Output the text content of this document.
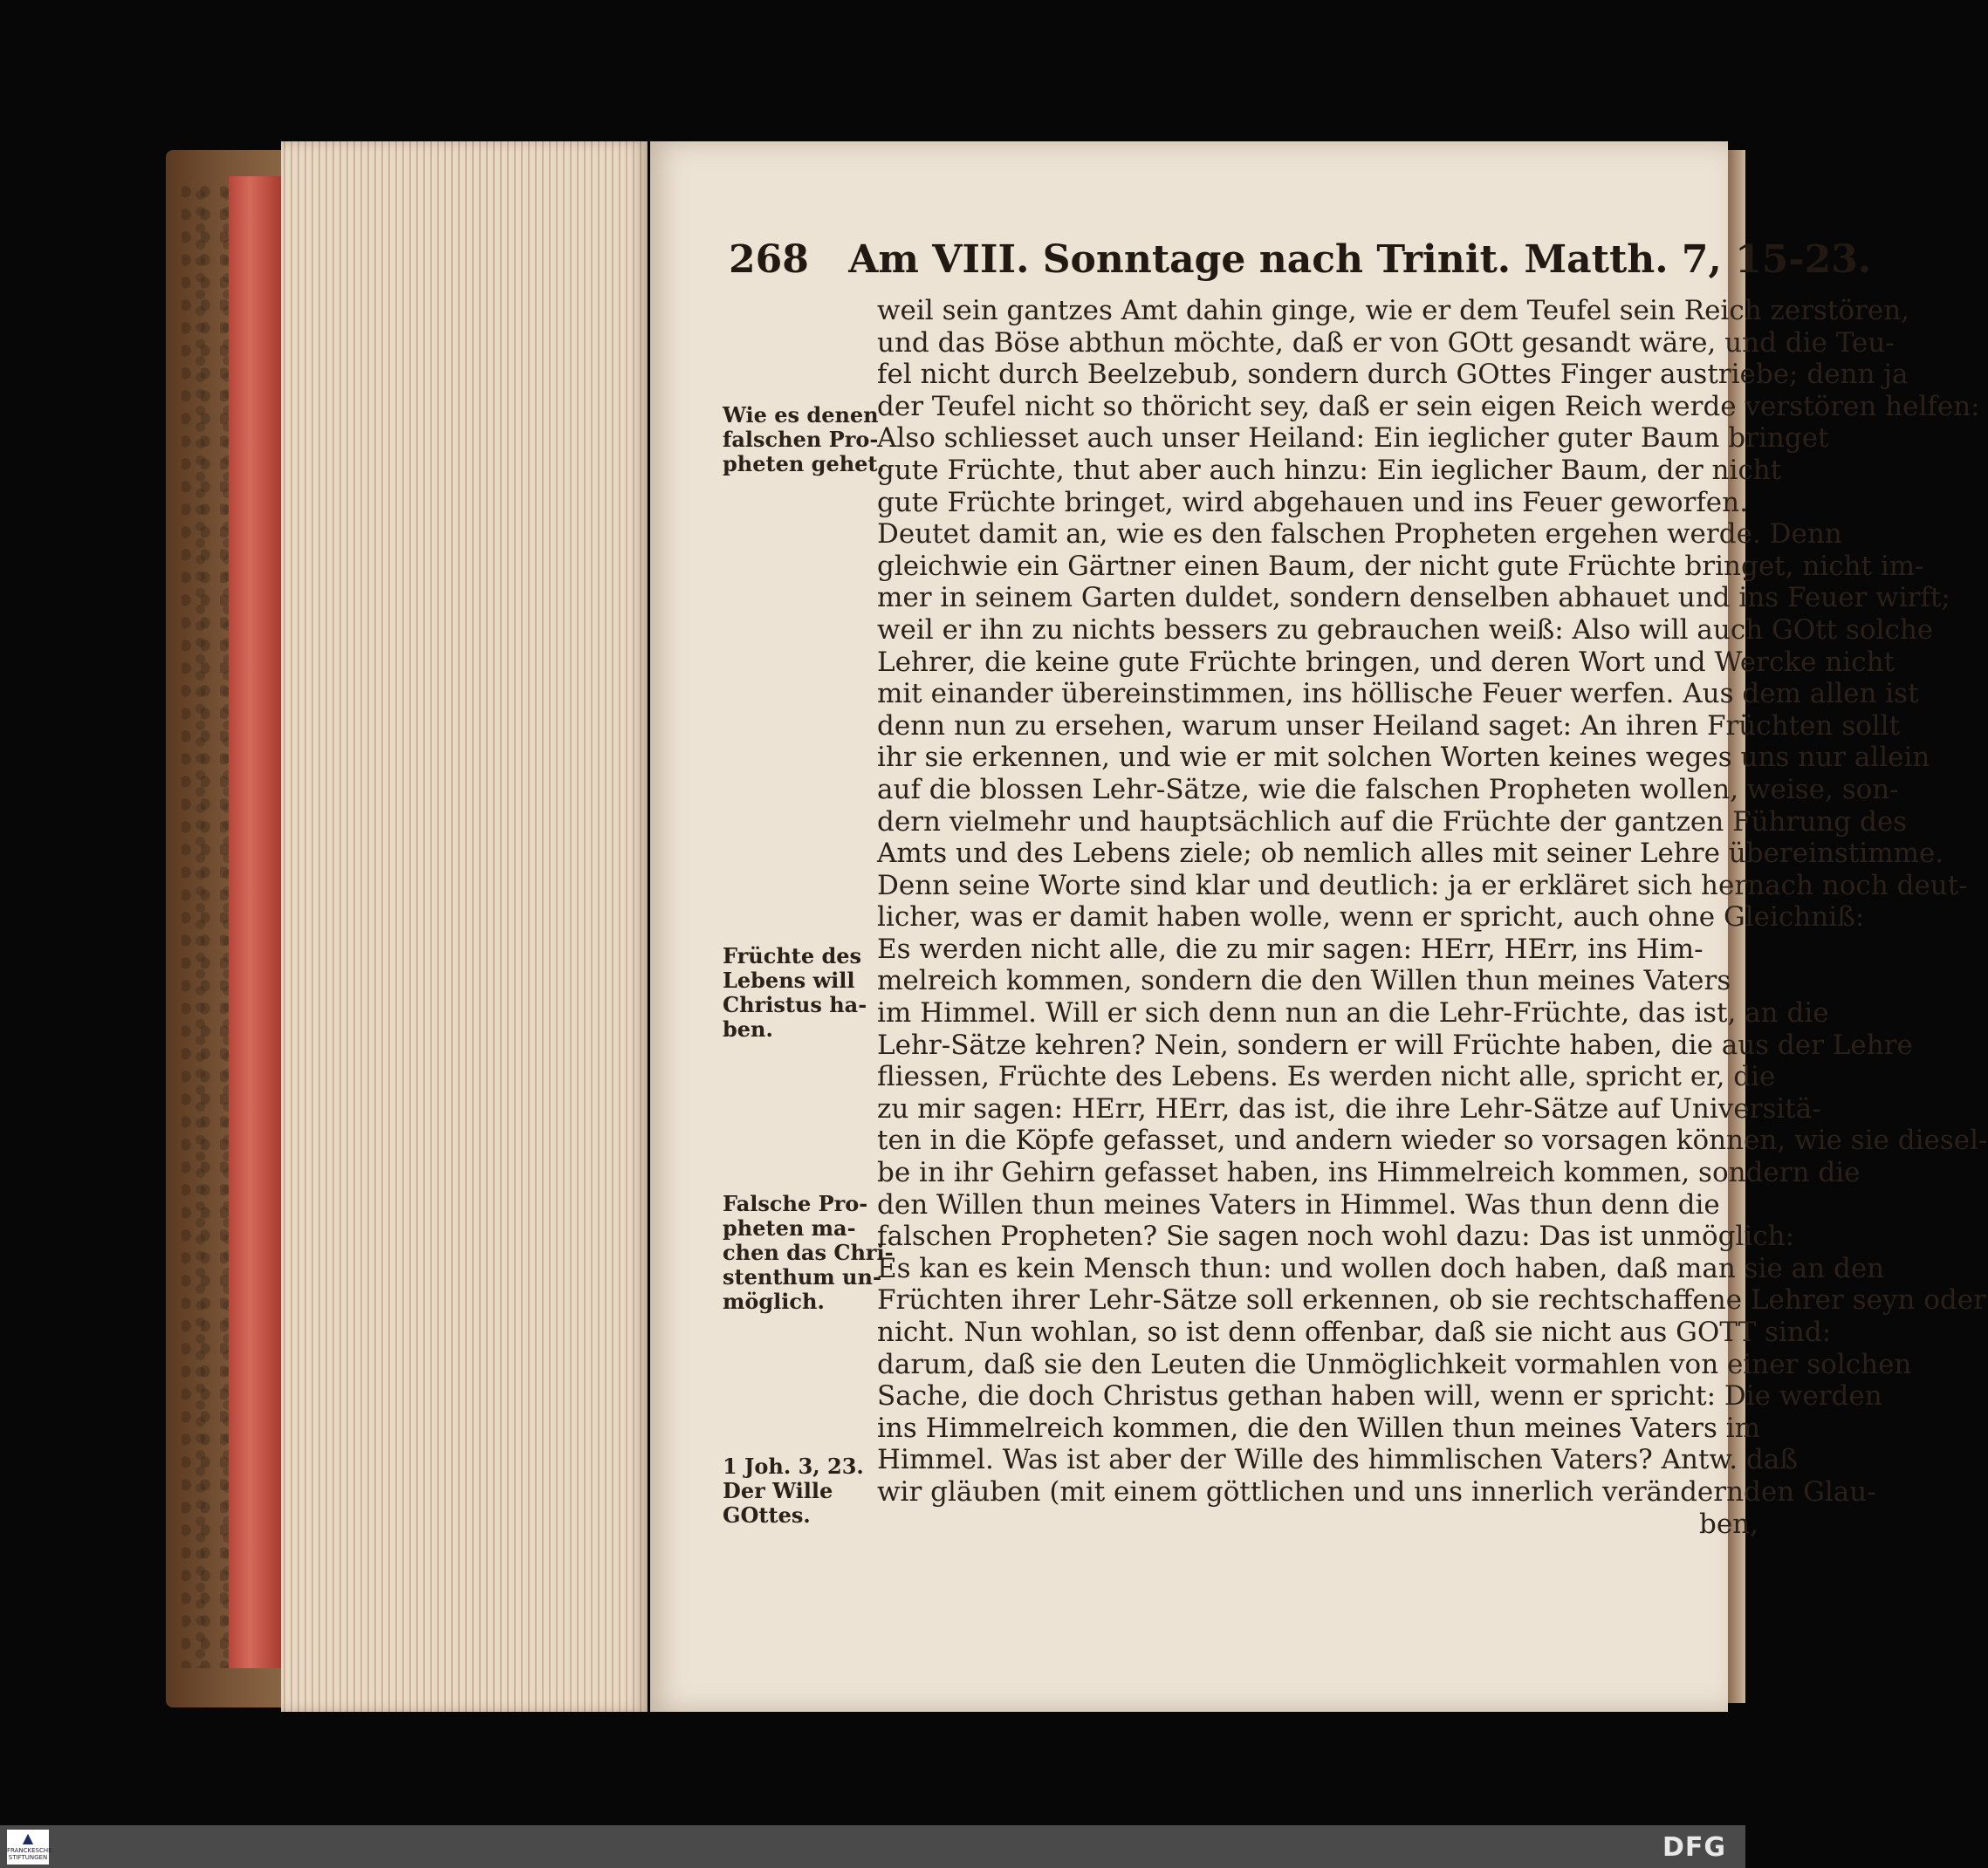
268 Am VIII. Sonntage nach Trinit. Matth. 7, 15-23.
Wie es denen
falschen Pro-
pheten gehet,
Früchte des
Lebens will
Christus ha-
ben.
Falsche Pro-
pheten ma-
chen das Chri-
stenthum un-
möglich.
1 Joh. 3, 23.
Der Wille
GOttes.
weil sein gantzes Amt dahin ginge, wie er dem Teufel sein Reich zerstören,
und das Böse abthun möchte, daß er von GOtt gesandt wäre, und die Teu-
fel nicht durch Beelzebub, sondern durch GOttes Finger austriebe; denn ja
der Teufel nicht so thöricht sey, daß er sein eigen Reich werde verstören helfen:
Also schliesset auch unser Heiland: Ein ieglicher guter Baum bringet
gute Früchte, thut aber auch hinzu: Ein ieglicher Baum, der nicht
gute Früchte bringet, wird abgehauen und ins Feuer geworfen.
Deutet damit an, wie es den falschen Propheten ergehen werde. Denn
gleichwie ein Gärtner einen Baum, der nicht gute Früchte bringet, nicht im-
mer in seinem Garten duldet, sondern denselben abhauet und ins Feuer wirft;
weil er ihn zu nichts bessers zu gebrauchen weiß: Also will auch GOtt solche
Lehrer, die keine gute Früchte bringen, und deren Wort und Wercke nicht
mit einander übereinstimmen, ins höllische Feuer werfen. Aus dem allen ist
denn nun zu ersehen, warum unser Heiland saget: An ihren Früchten sollt
ihr sie erkennen, und wie er mit solchen Worten keines weges uns nur allein
auf die blossen Lehr-Sätze, wie die falschen Propheten wollen, weise, son-
dern vielmehr und hauptsächlich auf die Früchte der gantzen Führung des
Amts und des Lebens ziele; ob nemlich alles mit seiner Lehre übereinstimme.
Denn seine Worte sind klar und deutlich: ja er erkläret sich hernach noch deut-
licher, was er damit haben wolle, wenn er spricht, auch ohne Gleichniß:
Es werden nicht alle, die zu mir sagen: HErr, HErr, ins Him-
melreich kommen, sondern die den Willen thun meines Vaters
im Himmel. Will er sich denn nun an die Lehr-Früchte, das ist, an die
Lehr-Sätze kehren? Nein, sondern er will Früchte haben, die aus der Lehre
fliessen, Früchte des Lebens. Es werden nicht alle, spricht er, die
zu mir sagen: HErr, HErr, das ist, die ihre Lehr-Sätze auf Universitä-
ten in die Köpfe gefasset, und andern wieder so vorsagen können, wie sie diesel-
be in ihr Gehirn gefasset haben, ins Himmelreich kommen, sondern die
den Willen thun meines Vaters in Himmel. Was thun denn die
falschen Propheten? Sie sagen noch wohl dazu: Das ist unmöglich:
Es kan es kein Mensch thun: und wollen doch haben, daß man sie an den
Früchten ihrer Lehr-Sätze soll erkennen, ob sie rechtschaffene Lehrer seyn oder
nicht. Nun wohlan, so ist denn offenbar, daß sie nicht aus GOTT sind:
darum, daß sie den Leuten die Unmöglichkeit vormahlen von einer solchen
Sache, die doch Christus gethan haben will, wenn er spricht: Die werden
ins Himmelreich kommen, die den Willen thun meines Vaters im
Himmel. Was ist aber der Wille des himmlischen Vaters? Antw. daß
wir gläuben (mit einem göttlichen und uns innerlich verändernden Glau-
ben,
▲
FRANCKESCHE STIFTUNGEN	DFG
